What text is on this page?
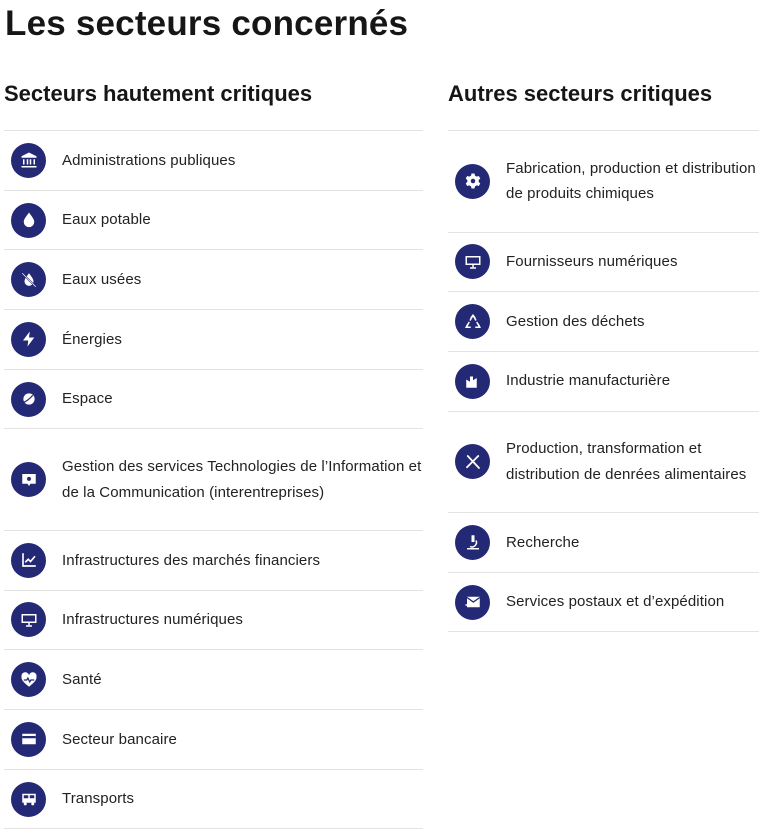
Les secteurs concernés
Secteurs hautement critiques
Administrations publiques
Eaux potable
Eaux usées
Énergies
Espace
Gestion des services Technologies de l’Information et de la Communication (interentreprises)
Infrastructures des marchés financiers
Infrastructures numériques
Santé
Secteur bancaire
Transports
Autres secteurs critiques
Fabrication, production et distribution de produits chimiques
Fournisseurs numériques
Gestion des déchets
Industrie manufacturière
Production, transformation et distribution de denrées alimentaires
Recherche
Services postaux et d’expédition
